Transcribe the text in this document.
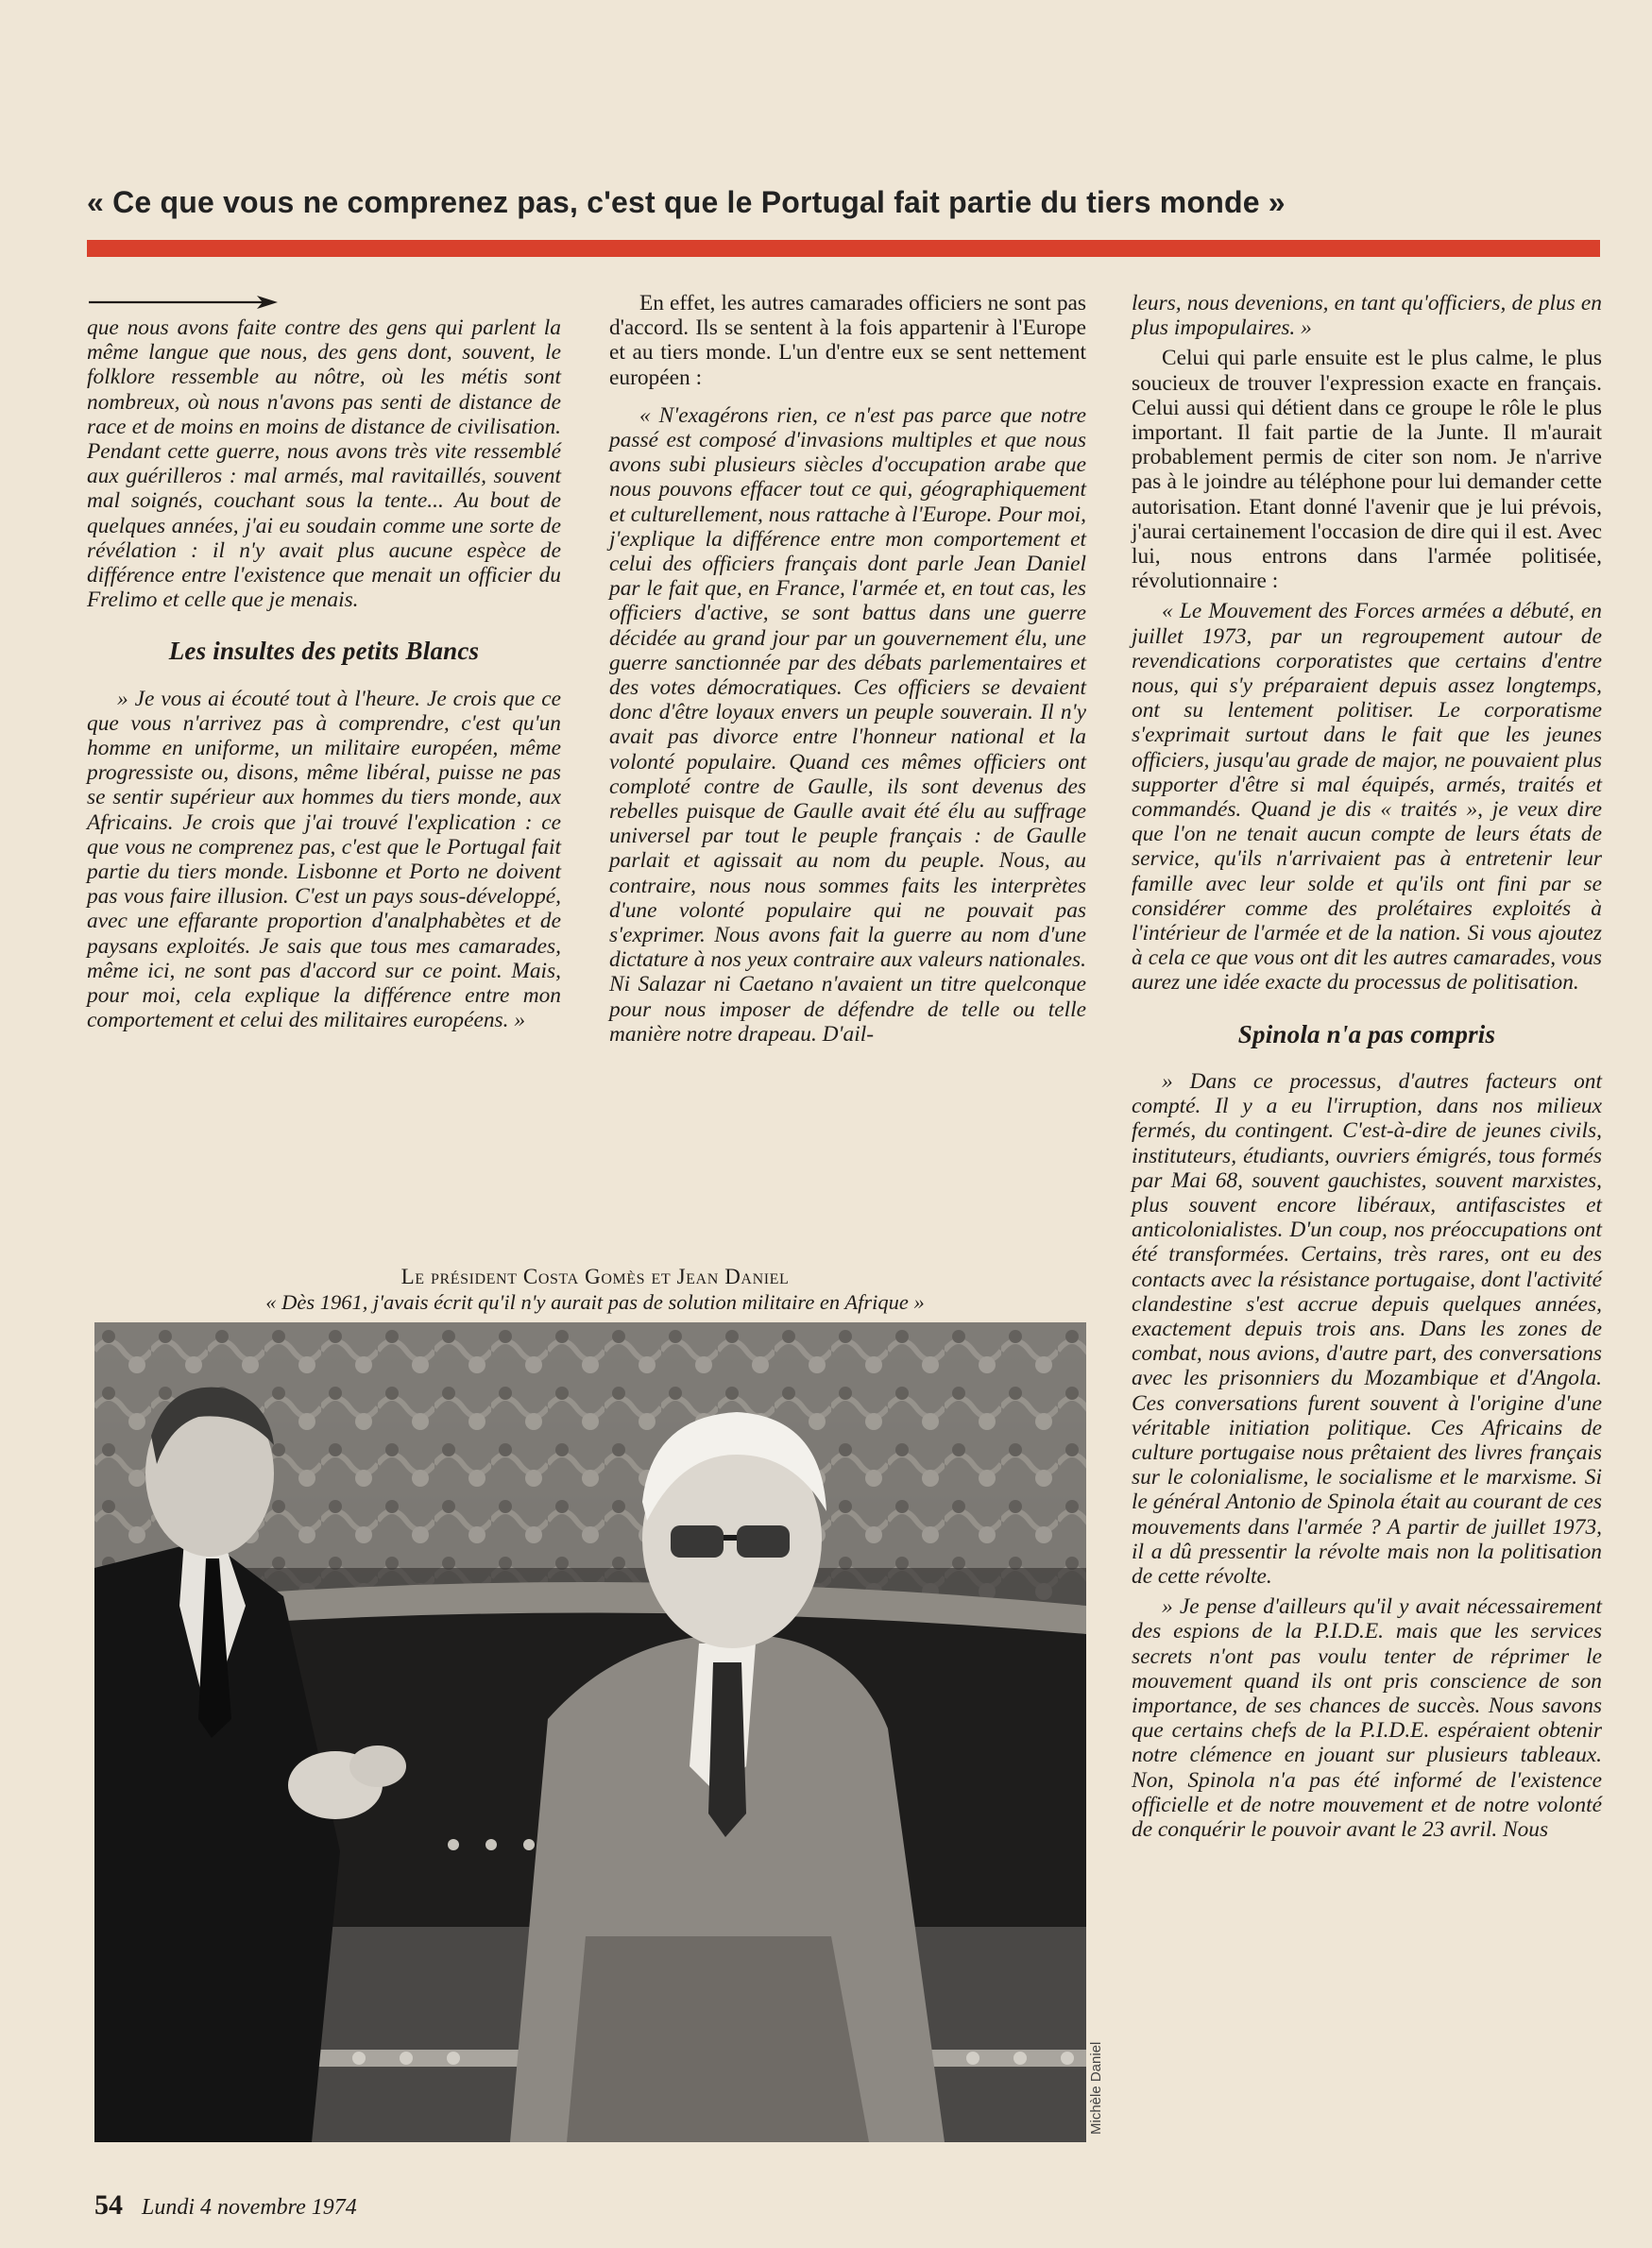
« Ce que vous ne comprenez pas, c'est que le Portugal fait partie du tiers monde »

que nous avons faite contre des gens qui parlent la même langue que nous, des gens dont, souvent, le folklore ressemble au nôtre, où les métis sont nombreux, où nous n'avons pas senti de distance de race et de moins en moins de distance de civilisation. Pendant cette guerre, nous avons très vite ressemblé aux guérilleros : mal armés, mal ravitaillés, souvent mal soignés, couchant sous la tente... Au bout de quelques années, j'ai eu soudain comme une sorte de révélation : il n'y avait plus aucune espèce de différence entre l'existence que menait un officier du Frelimo et celle que je menais.

Les insultes des petits Blancs

» Je vous ai écouté tout à l'heure. Je crois que ce que vous n'arrivez pas à comprendre, c'est qu'un homme en uniforme, un militaire européen, même progressiste ou, disons, même libéral, puisse ne pas se sentir supérieur aux hommes du tiers monde, aux Africains. Je crois que j'ai trouvé l'explication : ce que vous ne comprenez pas, c'est que le Portugal fait partie du tiers monde. Lisbonne et Porto ne doivent pas vous faire illusion. C'est un pays sous-développé, avec une effarante proportion d'analphabètes et de paysans exploités. Je sais que tous mes camarades, même ici, ne sont pas d'accord sur ce point. Mais, pour moi, cela explique la différence entre mon comportement et celui des militaires européens. »

En effet, les autres camarades officiers ne sont pas d'accord. Ils se sentent à la fois appartenir à l'Europe et au tiers monde. L'un d'entre eux se sent nettement européen :

« N'exagérons rien, ce n'est pas parce que notre passé est composé d'invasions multiples et que nous avons subi plusieurs siècles d'occupation arabe que nous pouvons effacer tout ce qui, géographiquement et culturellement, nous rattache à l'Europe. Pour moi, j'explique la différence entre mon comportement et celui des officiers français dont parle Jean Daniel par le fait que, en France, l'armée et, en tout cas, les officiers d'active, se sont battus dans une guerre décidée au grand jour par un gouvernement élu, une guerre sanctionnée par des débats parlementaires et des votes démocratiques. Ces officiers se devaient donc d'être loyaux envers un peuple souverain. Il n'y avait pas divorce entre l'honneur national et la volonté populaire. Quand ces mêmes officiers ont comploté contre de Gaulle, ils sont devenus des rebelles puisque de Gaulle avait été élu au suffrage universel par tout le peuple français : de Gaulle parlait et agissait au nom du peuple. Nous, au contraire, nous nous sommes faits les interprètes d'une volonté populaire qui ne pouvait pas s'exprimer. Nous avons fait la guerre au nom d'une dictature à nos yeux contraire aux valeurs nationales. Ni Salazar ni Caetano n'avaient un titre quelconque pour nous imposer de défendre de telle ou telle manière notre drapeau. D'ail-

leurs, nous devenions, en tant qu'officiers, de plus en plus impopulaires. »

Celui qui parle ensuite est le plus calme, le plus soucieux de trouver l'expression exacte en français. Celui aussi qui détient dans ce groupe le rôle le plus important. Il fait partie de la Junte. Il m'aurait probablement permis de citer son nom. Je n'arrive pas à le joindre au téléphone pour lui demander cette autorisation. Etant donné l'avenir que je lui prévois, j'aurai certainement l'occasion de dire qui il est. Avec lui, nous entrons dans l'armée politisée, révolutionnaire :

« Le Mouvement des Forces armées a débuté, en juillet 1973, par un regroupement autour de revendications corporatistes que certains d'entre nous, qui s'y préparaient depuis assez longtemps, ont su lentement politiser. Le corporatisme s'exprimait surtout dans le fait que les jeunes officiers, jusqu'au grade de major, ne pouvaient plus supporter d'être si mal équipés, armés, traités et commandés. Quand je dis « traités », je veux dire que l'on ne tenait aucun compte de leurs états de service, qu'ils n'arrivaient pas à entretenir leur famille avec leur solde et qu'ils ont fini par se considérer comme des prolétaires exploités à l'intérieur de l'armée et de la nation. Si vous ajoutez à cela ce que vous ont dit les autres camarades, vous aurez une idée exacte du processus de politisation.

Spinola n'a pas compris

» Dans ce processus, d'autres facteurs ont compté. Il y a eu l'irruption, dans nos milieux fermés, du contingent. C'est-à-dire de jeunes civils, instituteurs, étudiants, ouvriers émigrés, tous formés par Mai 68, souvent gauchistes, souvent marxistes, plus souvent encore libéraux, antifascistes et anticolonialistes. D'un coup, nos préoccupations ont été transformées. Certains, très rares, ont eu des contacts avec la résistance portugaise, dont l'activité clandestine s'est accrue depuis quelques années, exactement depuis trois ans. Dans les zones de combat, nous avions, d'autre part, des conversations avec les prisonniers du Mozambique et d'Angola. Ces conversations furent souvent à l'origine d'une véritable initiation politique. Ces Africains de culture portugaise nous prêtaient des livres français sur le colonialisme, le socialisme et le marxisme. Si le général Antonio de Spinola était au courant de ces mouvements dans l'armée ? A partir de juillet 1973, il a dû pressentir la révolte mais non la politisation de cette révolte.

» Je pense d'ailleurs qu'il y avait nécessairement des espions de la P.I.D.E. mais que les services secrets n'ont pas voulu tenter de réprimer le mouvement quand ils ont pris conscience de son importance, de ses chances de succès. Nous savons que certains chefs de la P.I.D.E. espéraient obtenir notre clémence en jouant sur plusieurs tableaux. Non, Spinola n'a pas été informé de l'existence officielle et de notre mouvement et de notre volonté de conquérir le pouvoir avant le 23 avril. Nous

Le président Costa Gomès et Jean Daniel
« Dès 1961, j'avais écrit qu'il n'y aurait pas de solution militaire en Afrique »
Michèle Daniel
54 Lundi 4 novembre 1974
